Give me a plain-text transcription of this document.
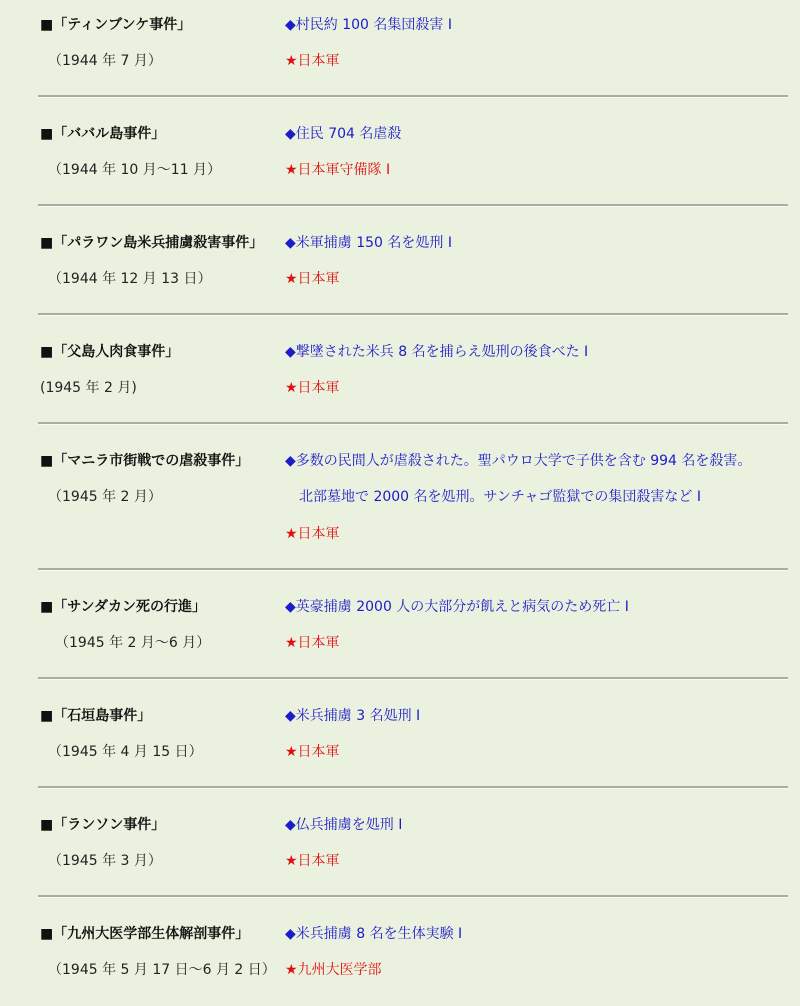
■「ティンブンケ事件」
（1944 年 7 月）
◆村民約 100 名集団殺害 I
★日本軍
■「ババル島事件」
（1944 年 10 月～11 月）
◆住民 704 名虐殺
★日本軍守備隊 I
■「パラワン島米兵捕虜殺害事件」
（1944 年 12 月 13 日）
◆米軍捕虜 150 名を処刑 I
★日本軍
■「父島人肉食事件」
(1945 年 2 月)
◆撃墜された米兵 8 名を捕らえ処刑の後食べた I
★日本軍
■「マニラ市街戦での虐殺事件」
（1945 年 2 月）
◆多数の民間人が虐殺された。聖パウロ大学で子供を含む 994 名を殺害。
北部墓地で 2000 名を処刑。サンチャゴ監獄での集団殺害など I
★日本軍
■「サンダカン死の行進」
（1945 年 2 月～6 月）
◆英豪捕虜 2000 人の大部分が飢えと病気のため死亡 I
★日本軍
■「石垣島事件」
（1945 年 4 月 15 日）
◆米兵捕虜 3 名処刑 I
★日本軍
■「ランソン事件」
（1945 年 3 月）
◆仏兵捕虜を処刑 I
★日本軍
■「九州大医学部生体解剖事件」
（1945 年 5 月 17 日～6 月 2 日）
◆米兵捕虜 8 名を生体実験 I
★九州大医学部
